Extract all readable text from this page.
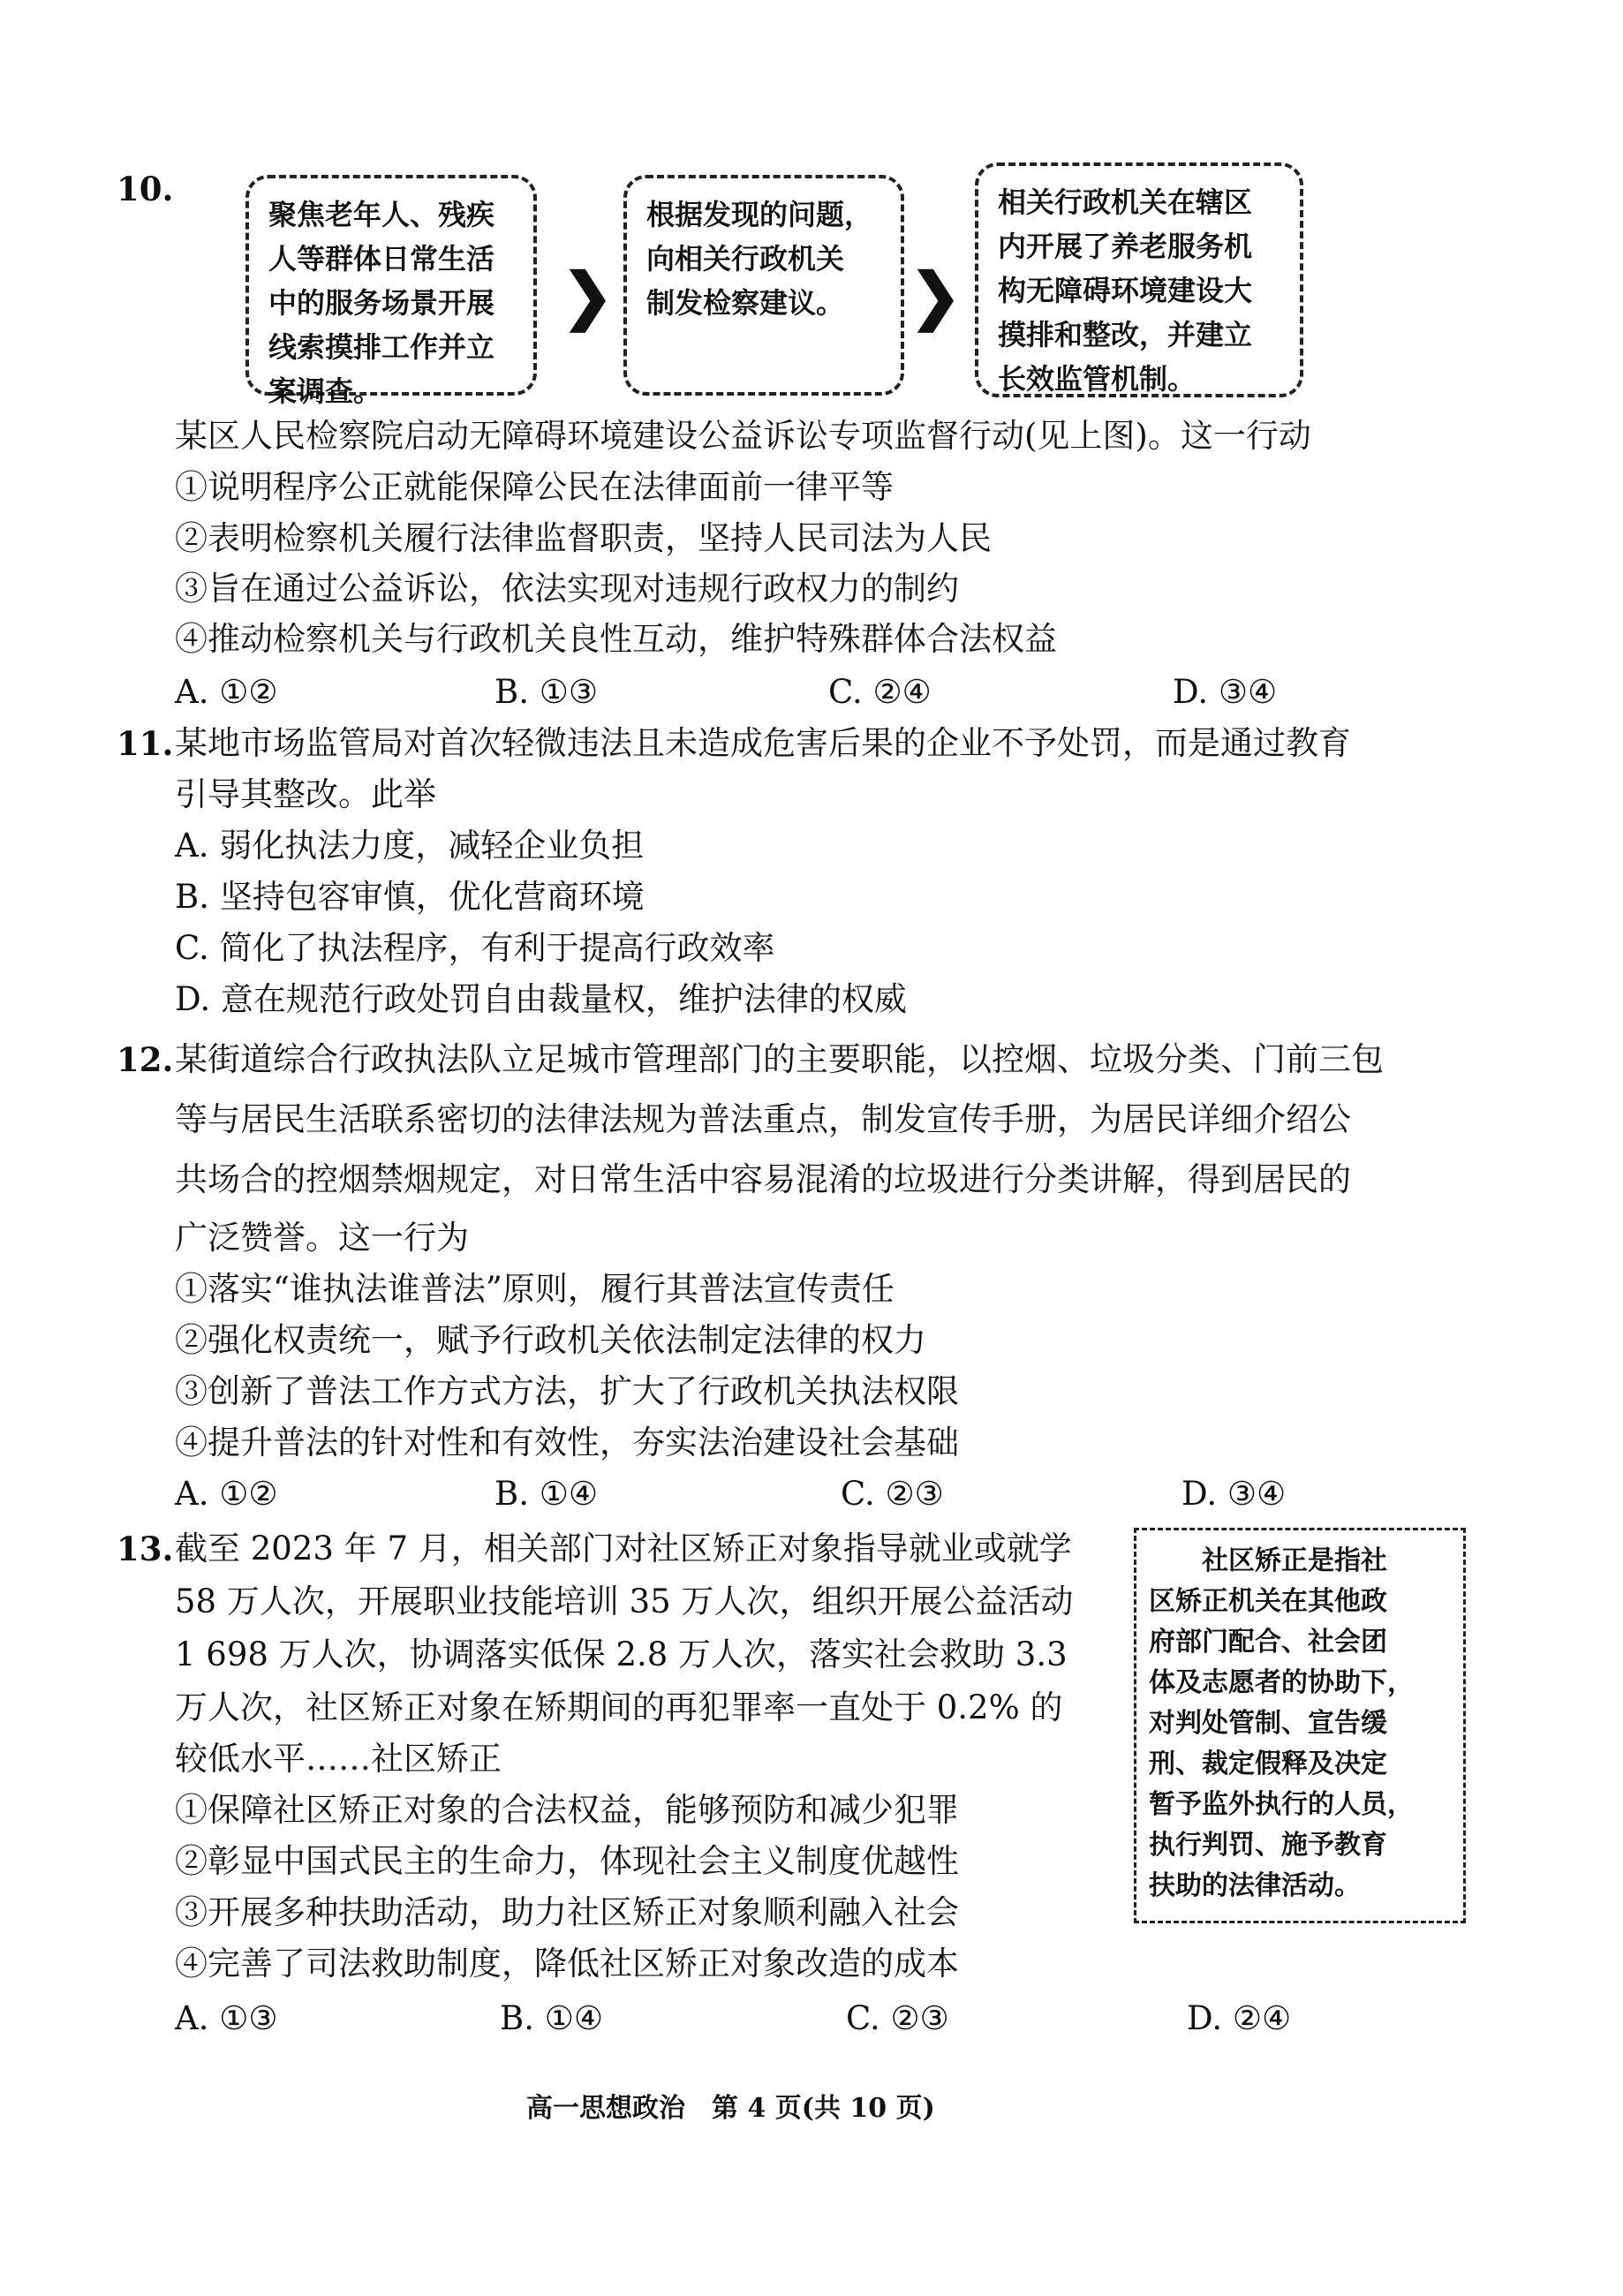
10.
聚焦老年人、残疾
人等群体日常生活
中的服务场景开展
线索摸排工作并立
案调查。
❯
根据发现的问题，
向相关行政机关
制发检察建议。	❯
相关行政机关在辖区
内开展了养老服务机
构无障碍环境建设大
摸排和整改，并建立
长效监管机制。
某区人民检察院启动无障碍环境建设公益诉讼专项监督行动(见上图)。这一行动
①说明程序公正就能保障公民在法律面前一律平等
②表明检察机关履行法律监督职责，坚持人民司法为人民
③旨在通过公益诉讼，依法实现对违规行政权力的制约
④推动检察机关与行政机关良性互动，维护特殊群体合法权益
A. ①②	B. ①③	C. ②④	D. ③④
11. 某地市场监管局对首次轻微违法且未造成危害后果的企业不予处罚，而是通过教育
引导其整改。此举
A. 弱化执法力度，减轻企业负担
B. 坚持包容审慎，优化营商环境
C. 简化了执法程序，有利于提高行政效率
D. 意在规范行政处罚自由裁量权，维护法律的权威
12. 某街道综合行政执法队立足城市管理部门的主要职能，以控烟、垃圾分类、门前三包
等与居民生活联系密切的法律法规为普法重点，制发宣传手册，为居民详细介绍公
共场合的控烟禁烟规定，对日常生活中容易混淆的垃圾进行分类讲解，得到居民的
广泛赞誉。这一行为
①落实“谁执法谁普法”原则，履行其普法宣传责任
②强化权责统一，赋予行政机关依法制定法律的权力
③创新了普法工作方式方法，扩大了行政机关执法权限
④提升普法的针对性和有效性，夯实法治建设社会基础
A. ①②	B. ①④	C. ②③	D. ③④
13. 截至 2023 年 7 月，相关部门对社区矫正对象指导就业或就学
58 万人次，开展职业技能培训 35 万人次，组织开展公益活动
1 698 万人次，协调落实低保 2.8 万人次，落实社会救助 3.3
万人次，社区矫正对象在矫期间的再犯罪率一直处于 0.2% 的
较低水平……社区矫正
社区矫正是指社
区矫正机关在其他政
府部门配合、社会团
体及志愿者的协助下，
对判处管制、宣告缓
刑、裁定假释及决定
暂予监外执行的人员，
执行判罚、施予教育
扶助的法律活动。
①保障社区矫正对象的合法权益，能够预防和减少犯罪
②彰显中国式民主的生命力，体现社会主义制度优越性
③开展多种扶助活动，助力社区矫正对象顺利融入社会
④完善了司法救助制度，降低社区矫正对象改造的成本
A. ①③	B. ①④	C. ②③	D. ②④
高一思想政治　第 4 页(共 10 页)
